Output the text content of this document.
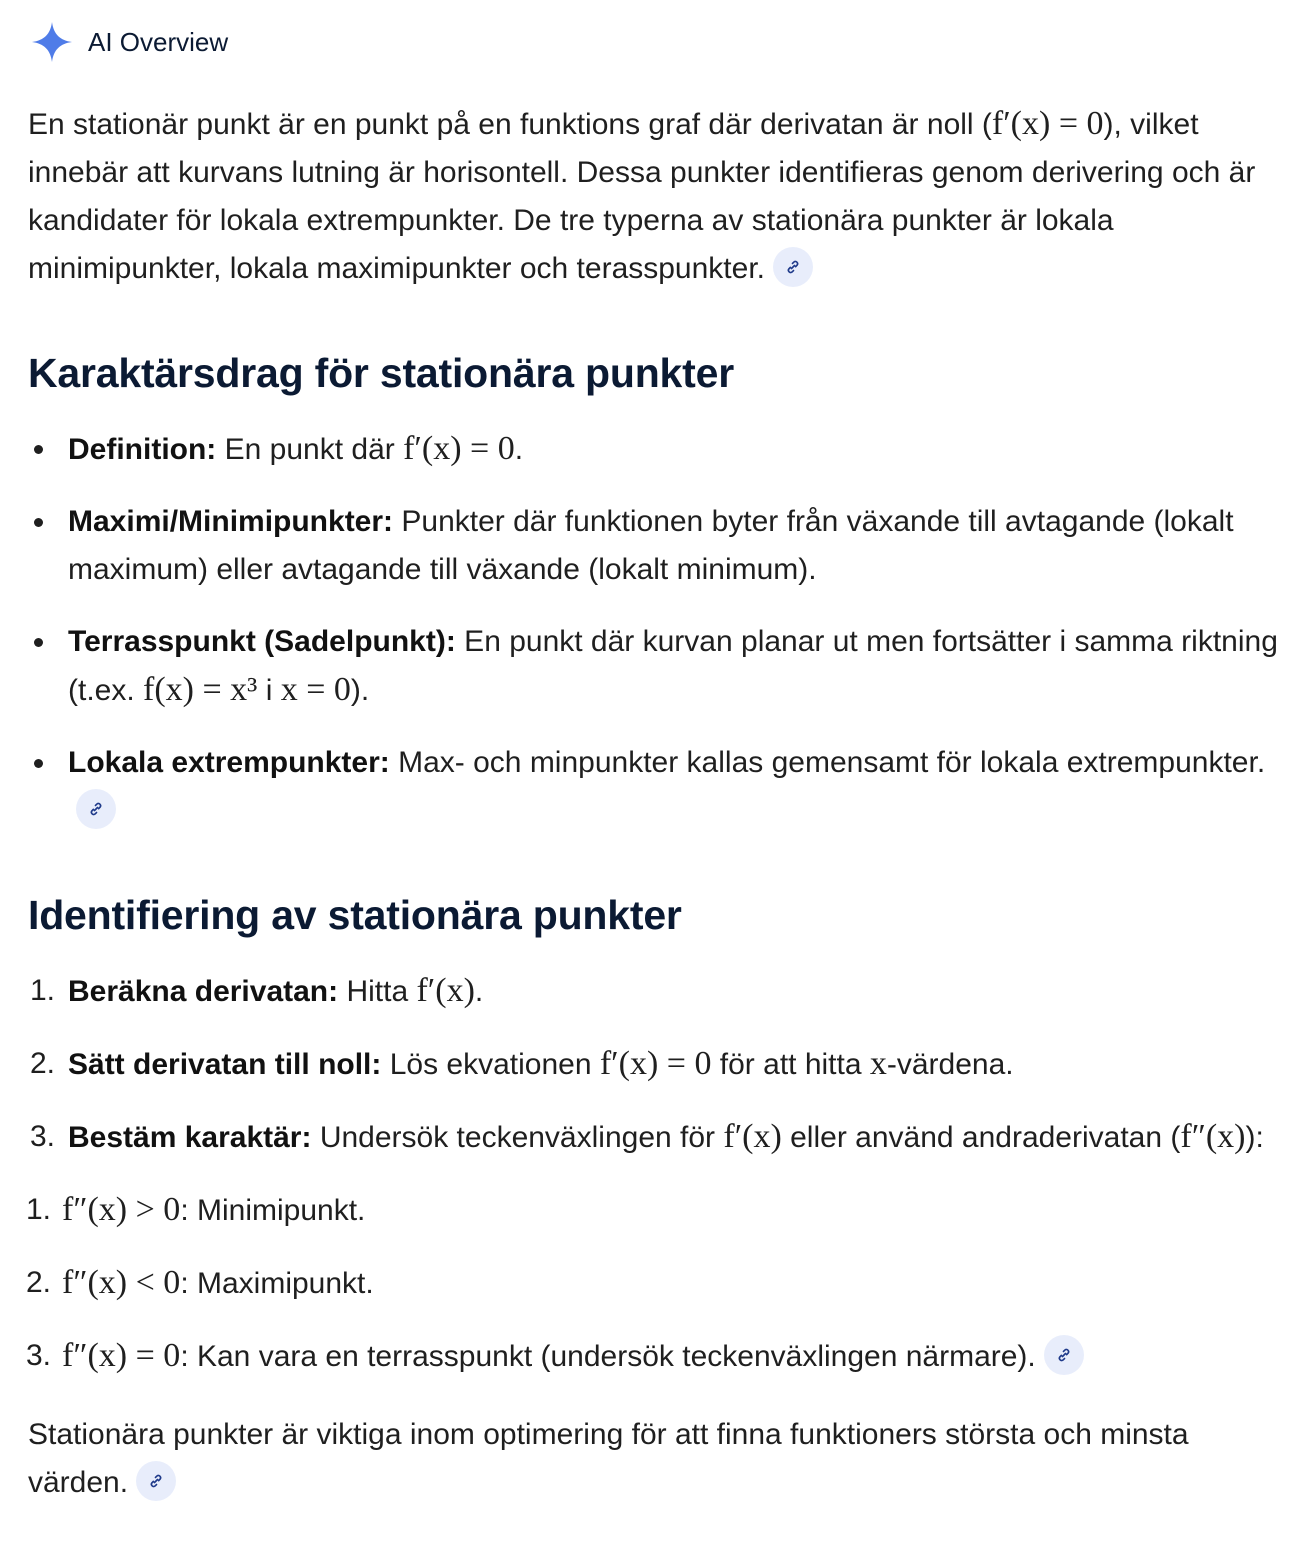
AI Overview

En stationär punkt är en punkt på en funktions graf där derivatan är noll (f′(x) = 0), vilket innebär att kurvans lutning är horisontell. Dessa punkter identifieras genom derivering och är kandidater för lokala extrempunkter. De tre typerna av stationära punkter är lokala minimipunkter, lokala maximipunkter och terasspunkter.

Karaktärsdrag för stationära punkter
Definition: En punkt där f′(x) = 0.
Maximi/Minimipunkter: Punkter där funktionen byter från växande till avtagande (lokalt maximum) eller avtagande till växande (lokalt minimum).
Terrasspunkt (Sadelpunkt): En punkt där kurvan planar ut men fortsätter i samma riktning (t.ex. f(x) = x³ i x = 0).
Lokala extrempunkter: Max- och minpunkter kallas gemensamt för lokala extrempunkter.
Identifiering av stationära punkter
1. Beräkna derivatan: Hitta f′(x).
2. Sätt derivatan till noll: Lös ekvationen f′(x) = 0 för att hitta x-värdena.
3. Bestäm karaktär: Undersök teckenväxlingen för f′(x) eller använd andraderivatan (f″(x)):
1. f″(x) > 0: Minimipunkt.
2. f″(x) < 0: Maximipunkt.
3. f″(x) = 0: Kan vara en terrasspunkt (undersök teckenväxlingen närmare).

Stationära punkter är viktiga inom optimering för att finna funktioners största och minsta värden.
